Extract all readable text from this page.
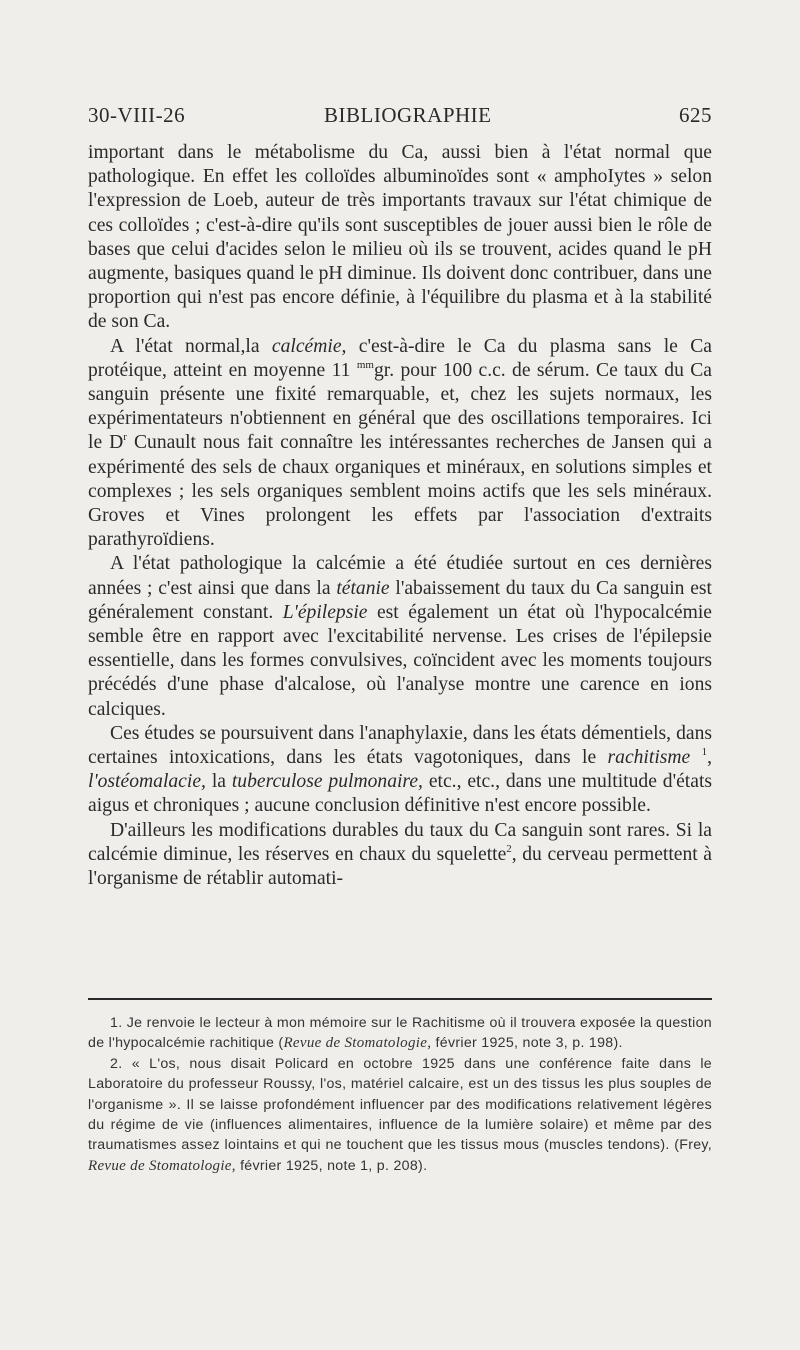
30-VIII-26	BIBLIOGRAPHIE	625

important dans le métabolisme du Ca, aussi bien à l'état normal que pathologique. En effet les colloïdes albuminoïdes sont « amphoIytes » selon l'expression de Loeb, auteur de très importants travaux sur l'état chimique de ces colloïdes ; c'est-à-dire qu'ils sont susceptibles de jouer aussi bien le rôle de bases que celui d'acides selon le milieu où ils se trouvent, acides quand le pH augmente, basiques quand le pH diminue. Ils doivent donc contribuer, dans une proportion qui n'est pas encore définie, à l'équilibre du plasma et à la stabilité de son Ca.

A l'état normal,la calcémie, c'est-à-dire le Ca du plasma sans le Ca protéique, atteint en moyenne 11 $^{mm}$gr. pour 100 c.c. de sérum. Ce taux du Ca sanguin présente une fixité remarquable, et, chez les sujets normaux, les expérimentateurs n'obtiennent en général que des oscillations temporaires. Ici le $D^r$ Cunault nous fait connaître les intéressantes recherches de Jansen qui a expérimenté des sels de chaux organiques et minéraux, en solutions simples et complexes ; les sels organiques semblent moins actifs que les sels minéraux. Groves et Vines prolongent les effets par l'association d'extraits parathyroïdiens.

A l'état pathologique la calcémie a été étudiée surtout en ces dernières années ; c'est ainsi que dans la tétanie l'abaissement du taux du Ca sanguin est généralement constant. L'épilepsie est également un état où l'hypocalcémie semble être en rapport avec l'excitabilité nervense. Les crises de l'épilepsie essentielle, dans les formes convulsives, coïncident avec les moments toujours précédés d'une phase d'alcalose, où l'analyse montre une carence en ions calciques.

Ces études se poursuivent dans l'anaphylaxie, dans les états démentiels, dans certaines intoxications, dans les états vagotoniques, dans le rachitisme $^1$, l'ostéomalacie, la tuberculose pulmonaire, etc., etc., dans une multitude d'états aigus et chroniques ; aucune conclusion définitive n'est encore possible.

D'ailleurs les modifications durables du taux du Ca sanguin sont rares. Si la calcémie diminue, les réserves en chaux du squelette$^2$, du cerveau permettent à l'organisme de rétablir automati-

1. Je renvoie le lecteur à mon mémoire sur le Rachitisme où il trouvera exposée la question de l'hypocalcémie rachitique (Revue de Stomatologie, février 1925, note 3, p. 198).

2. « L'os, nous disait Policard en octobre 1925 dans une conférence faite dans le Laboratoire du professeur Roussy, l'os, matériel calcaire, est un des tissus les plus souples de l'organisme ». Il se laisse profondément influencer par des modifications relativement légères du régime de vie (influences alimentaires, influence de la lumière solaire) et même par des traumatismes assez lointains et qui ne touchent que les tissus mous (muscles tendons). (Frey, Revue de Stomatologie, février 1925, note 1, p. 208).
